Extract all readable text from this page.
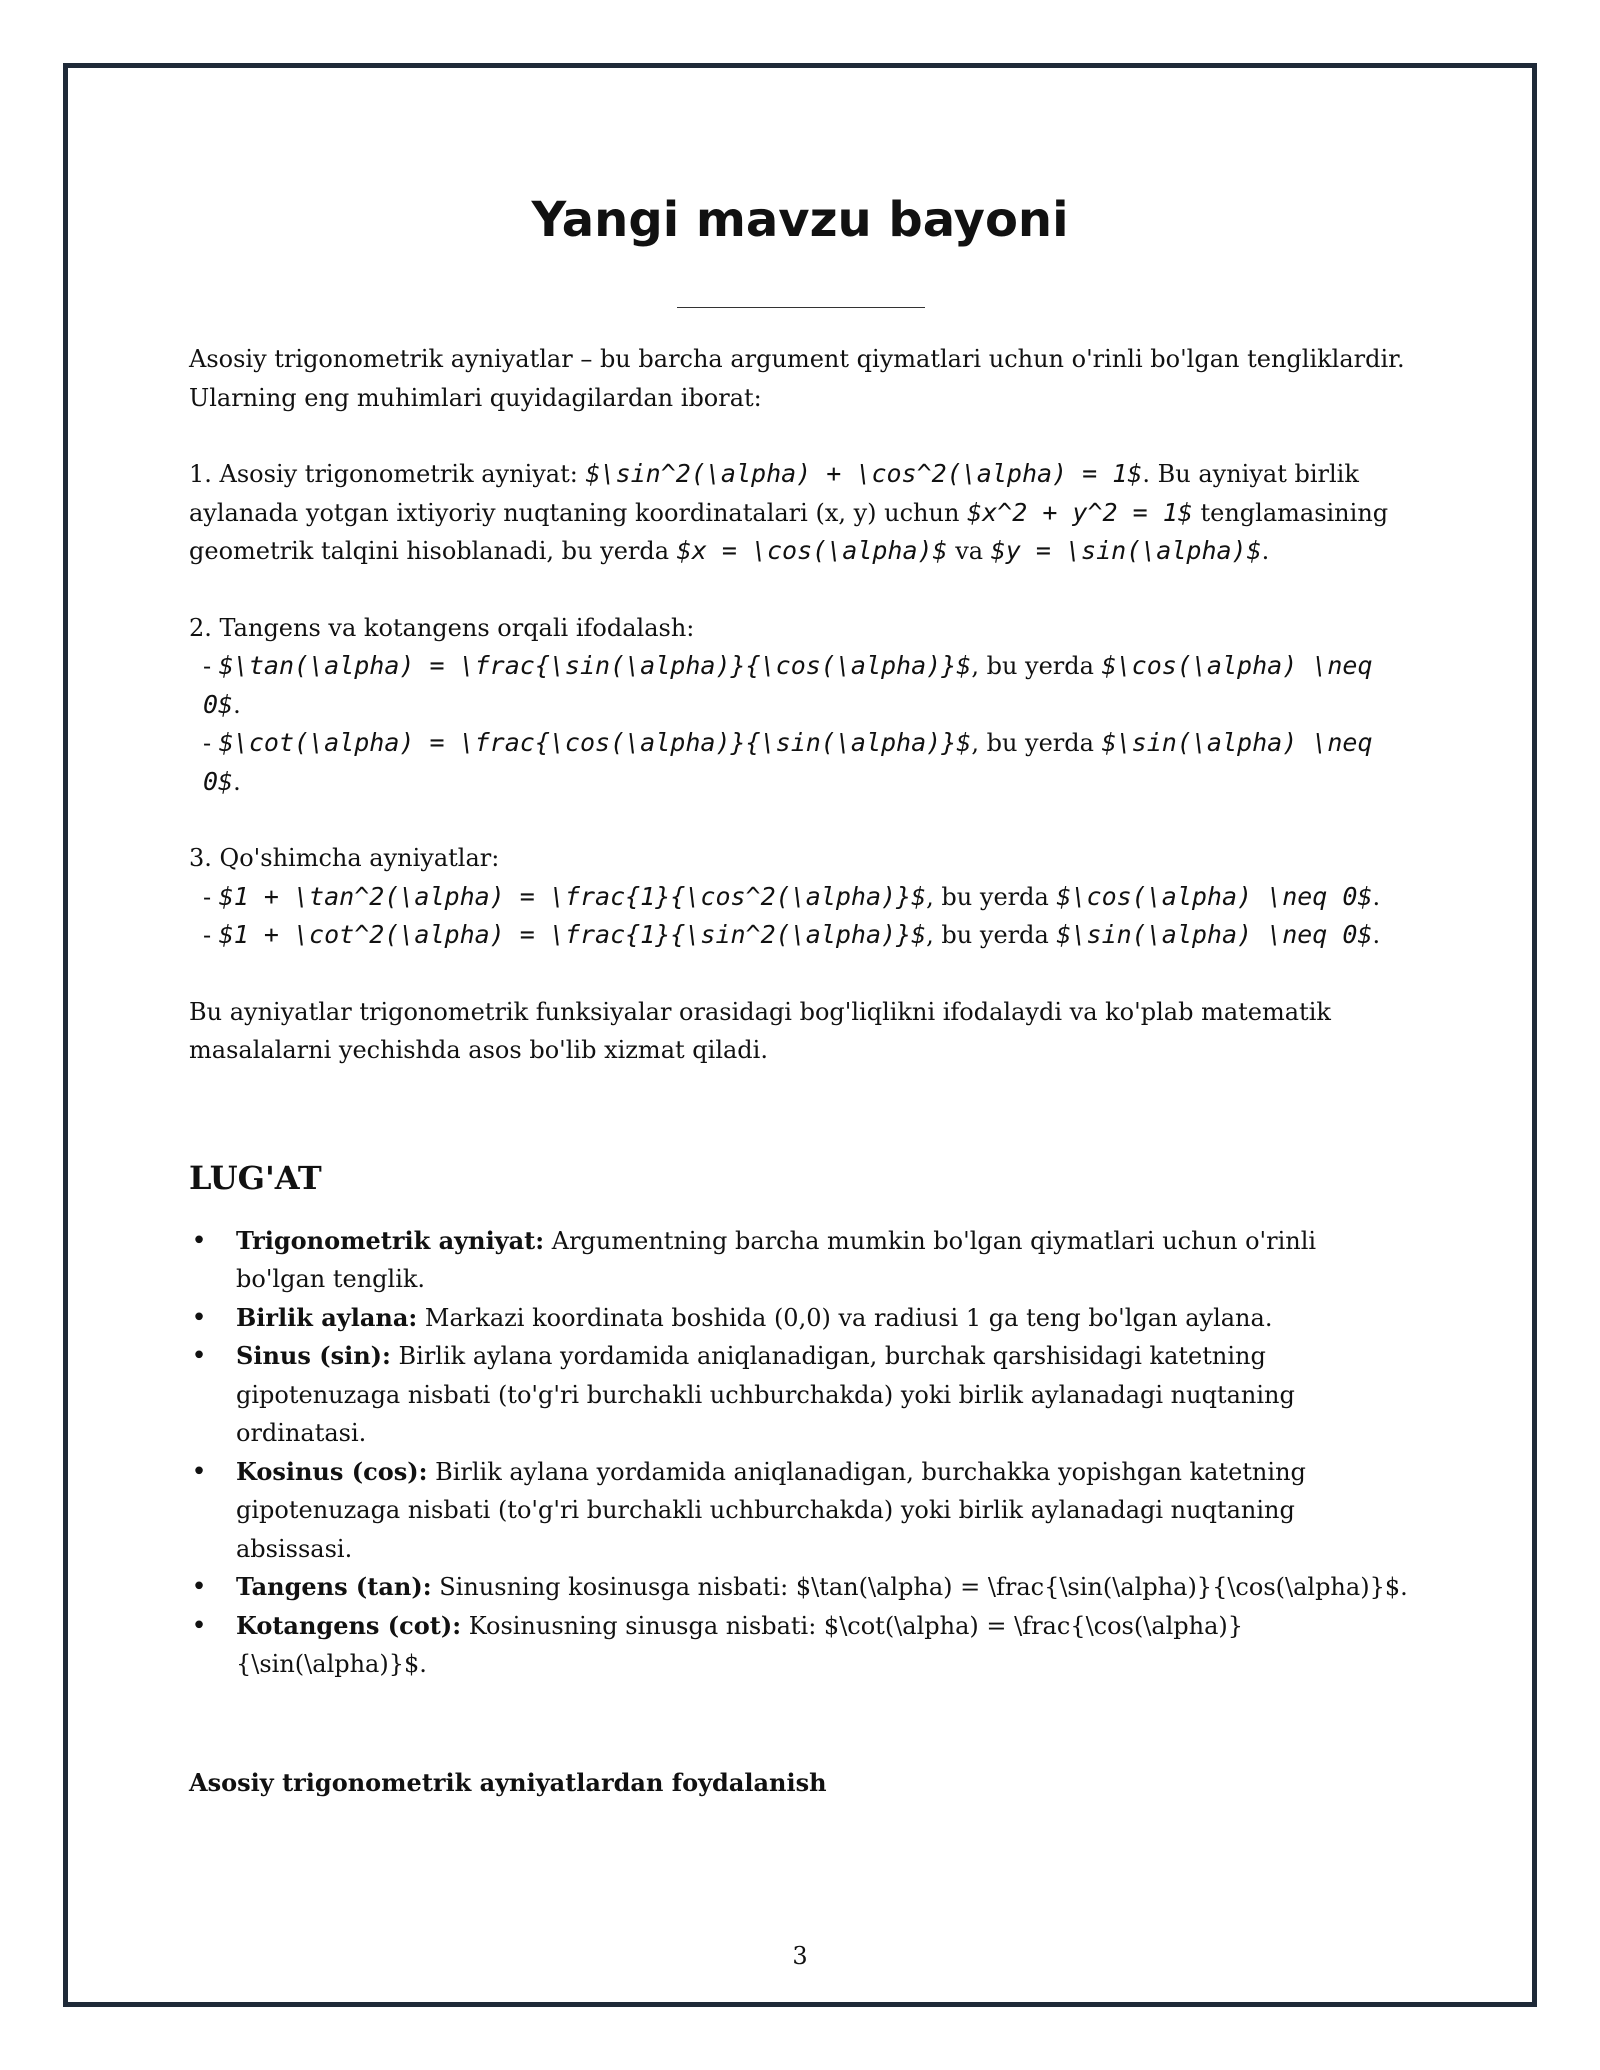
Yangi mavzu bayoni

Asosiy trigonometrik ayniyatlar – bu barcha argument qiymatlari uchun o'rinli bo'lgan tengliklardir. Ularning eng muhimlari quyidagilardan iborat:

1. Asosiy trigonometrik ayniyat: $\sin^2(\alpha) + \cos^2(\alpha) = 1$. Bu ayniyat birlik aylanada yotgan ixtiyoriy nuqtaning koordinatalari (x, y) uchun $x^2 + y^2 = 1$ tenglamasining geometrik talqini hisoblanadi, bu yerda $x = \cos(\alpha)$ va $y = \sin(\alpha)$.

2. Tangens va kotangens orqali ifodalash:

- $\tan(\alpha) = \frac{\sin(\alpha)}{\cos(\alpha)}$, bu yerda $\cos(\alpha) \neq 0$.

- $\cot(\alpha) = \frac{\cos(\alpha)}{\sin(\alpha)}$, bu yerda $\sin(\alpha) \neq 0$.

3. Qo'shimcha ayniyatlar:

- $1 + \tan^2(\alpha) = \frac{1}{\cos^2(\alpha)}$, bu yerda $\cos(\alpha) \neq 0$.

- $1 + \cot^2(\alpha) = \frac{1}{\sin^2(\alpha)}$, bu yerda $\sin(\alpha) \neq 0$.

Bu ayniyatlar trigonometrik funksiyalar orasidagi bog'liqlikni ifodalaydi va ko'plab matematik masalalarni yechishda asos bo'lib xizmat qiladi.

LUG'AT
• Trigonometrik ayniyat: Argumentning barcha mumkin bo'lgan qiymatlari uchun o'rinli bo'lgan tenglik.
• Birlik aylana: Markazi koordinata boshida (0,0) va radiusi 1 ga teng bo'lgan aylana.
• Sinus (sin): Birlik aylana yordamida aniqlanadigan, burchak qarshisidagi katetning gipotenuzaga nisbati (to'g'ri burchakli uchburchakda) yoki birlik aylanadagi nuqtaning ordinatasi.
• Kosinus (cos): Birlik aylana yordamida aniqlanadigan, burchakka yopishgan katetning gipotenuzaga nisbati (to'g'ri burchakli uchburchakda) yoki birlik aylanadagi nuqtaning absissasi.
• Tangens (tan): Sinusning kosinusga nisbati: $\tan(\alpha) = \frac{\sin(\alpha)}{\cos(\alpha)}$.
• Kotangens (cot): Kosinusning sinusga nisbati: $\cot(\alpha) = \frac{\cos(\alpha)}{\sin(\alpha)}$.

Asosiy trigonometrik ayniyatlardan foydalanish

3
